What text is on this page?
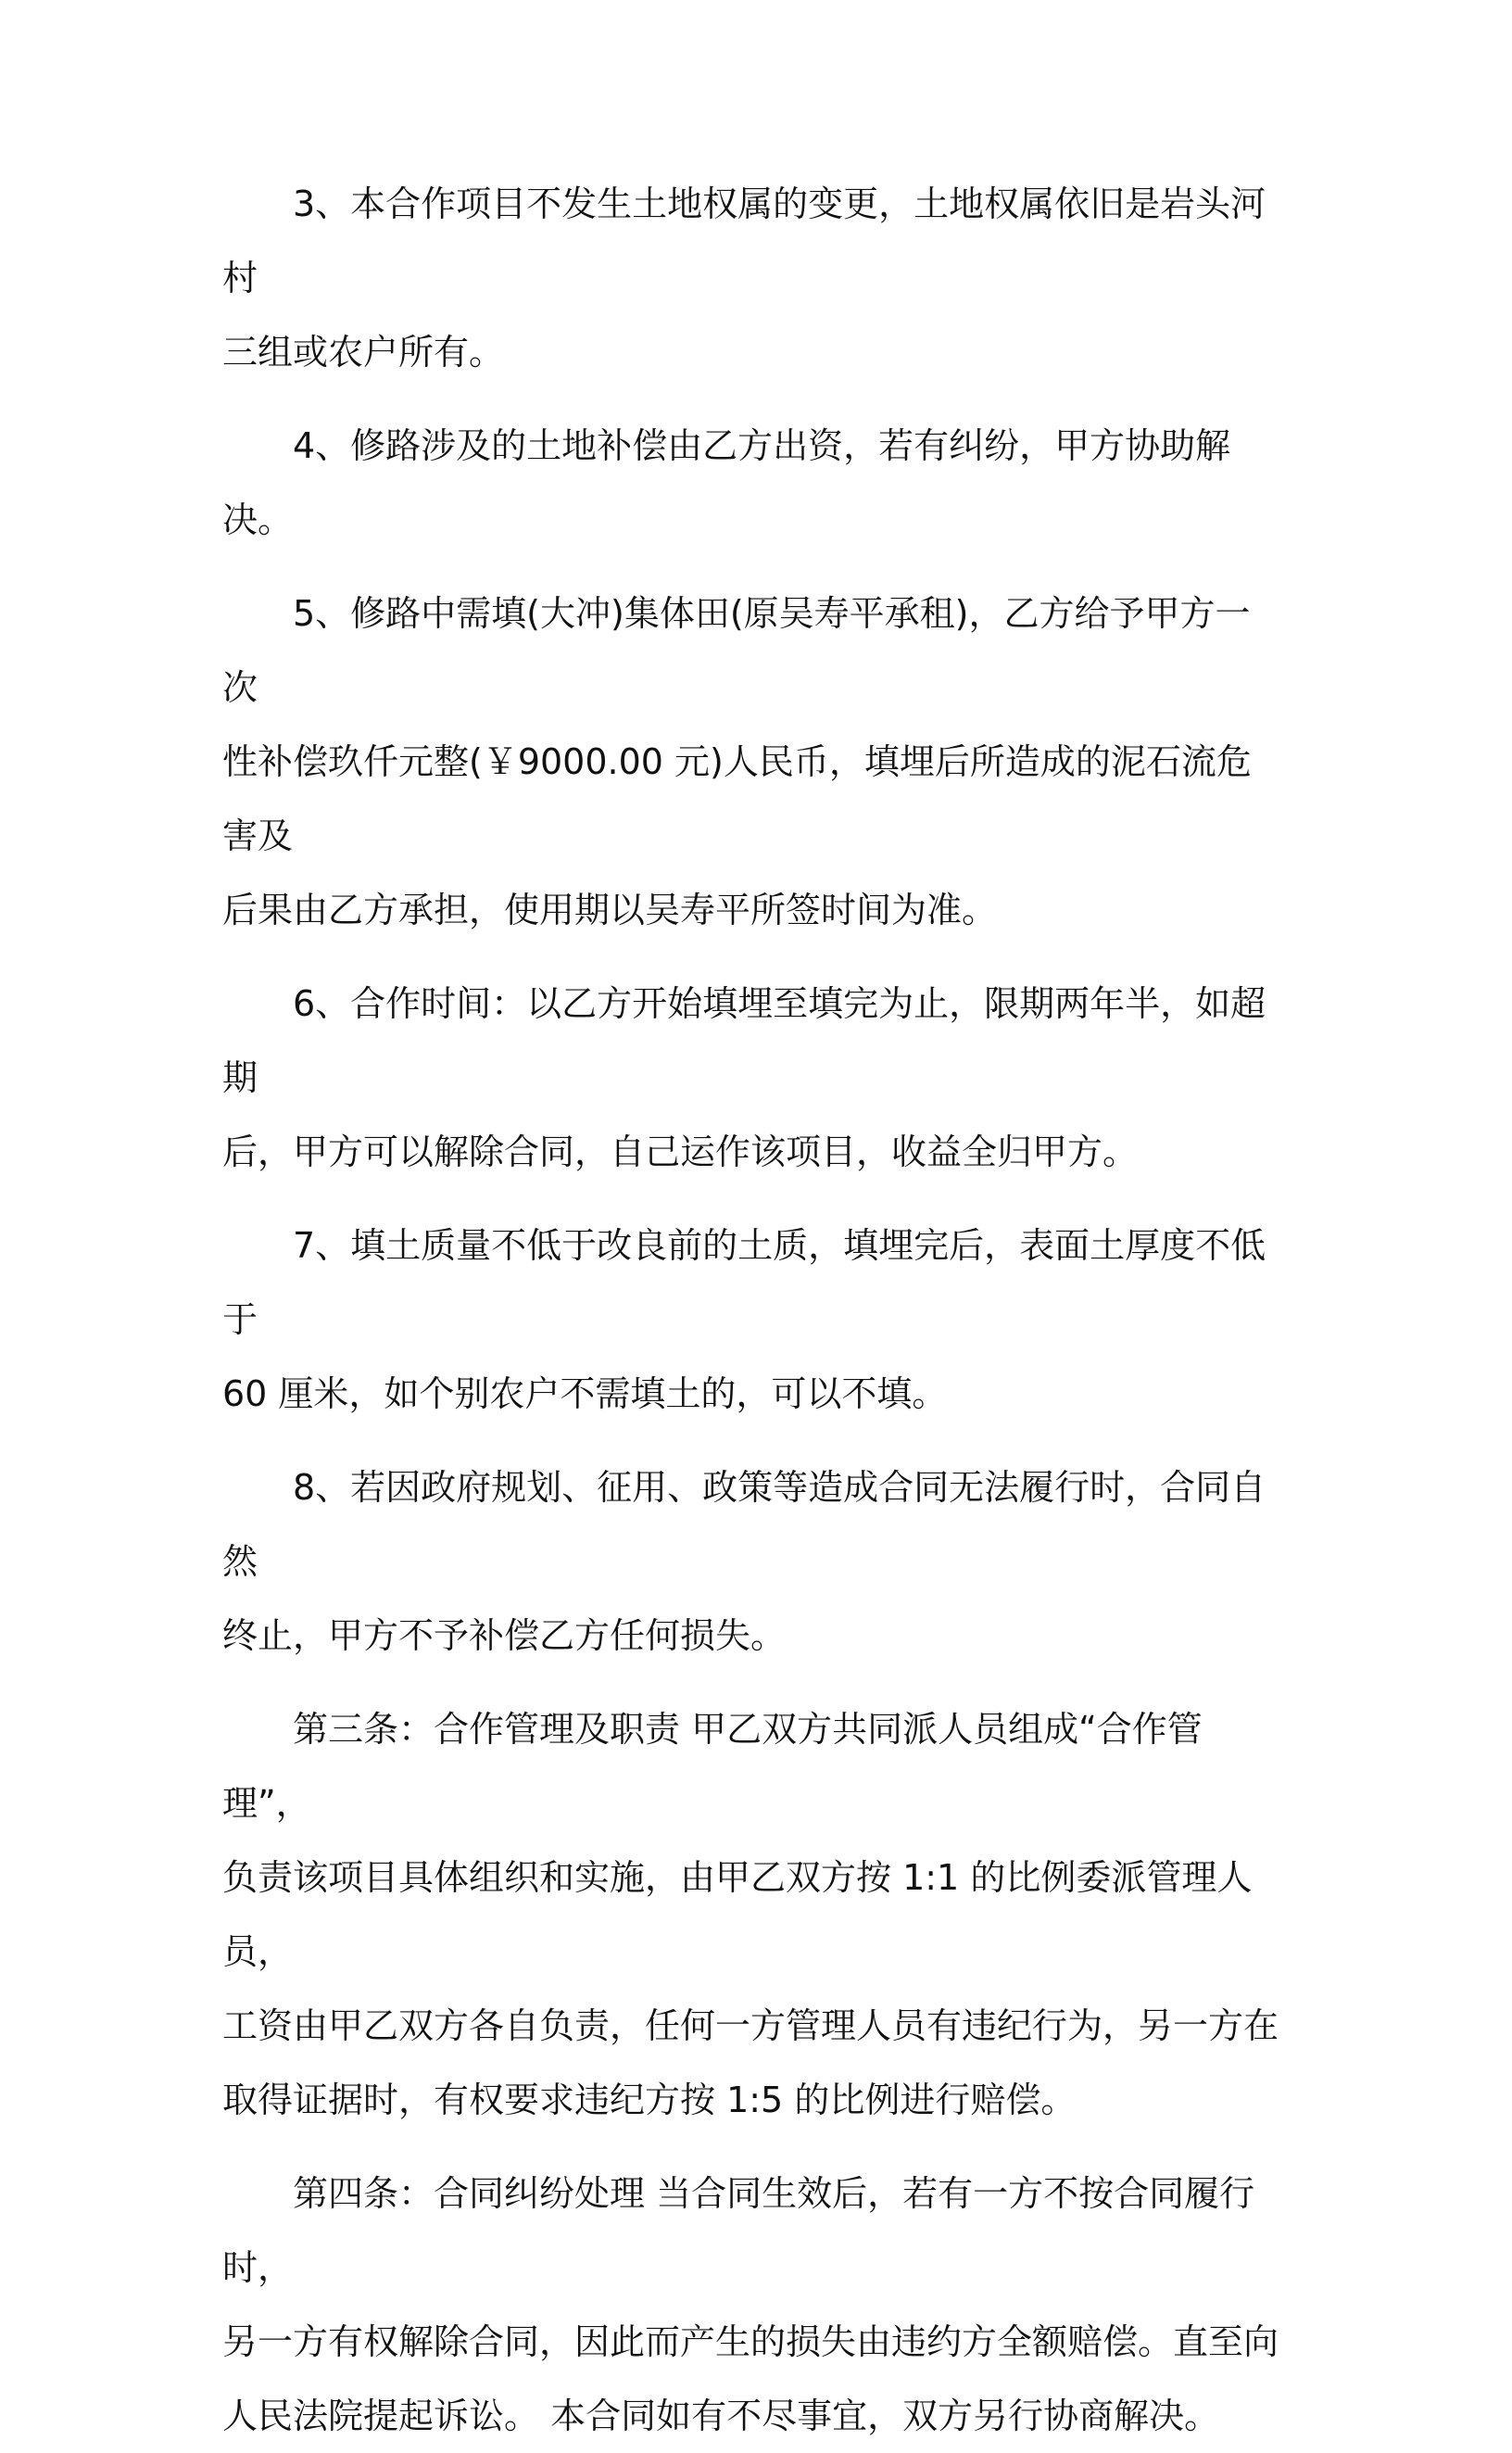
3、本合作项目不发生土地权属的变更，土地权属依旧是岩头河村
三组或农户所有。

4、修路涉及的土地补偿由乙方出资，若有纠纷，甲方协助解决。

5、修路中需填(大冲)集体田(原吴寿平承租)，乙方给予甲方一次
性补偿玖仟元整(￥9000.00 元)人民币，填埋后所造成的泥石流危害及
后果由乙方承担，使用期以吴寿平所签时间为准。

6、合作时间：以乙方开始填埋至填完为止，限期两年半，如超期
后，甲方可以解除合同，自己运作该项目，收益全归甲方。

7、填土质量不低于改良前的土质，填埋完后，表面土厚度不低于
60 厘米，如个别农户不需填土的，可以不填。

8、若因政府规划、征用、政策等造成合同无法履行时，合同自然
终止，甲方不予补偿乙方任何损失。

第三条：合作管理及职责 甲乙双方共同派人员组成“合作管理”，
负责该项目具体组织和实施，由甲乙双方按 1:1 的比例委派管理人员，
工资由甲乙双方各自负责，任何一方管理人员有违纪行为，另一方在
取得证据时，有权要求违纪方按 1:5 的比例进行赔偿。

第四条：合同纠纷处理 当合同生效后，若有一方不按合同履行时，
另一方有权解除合同，因此而产生的损失由违约方全额赔偿。直至向
人民法院提起诉讼。 本合同如有不尽事宜，双方另行协商解决。
